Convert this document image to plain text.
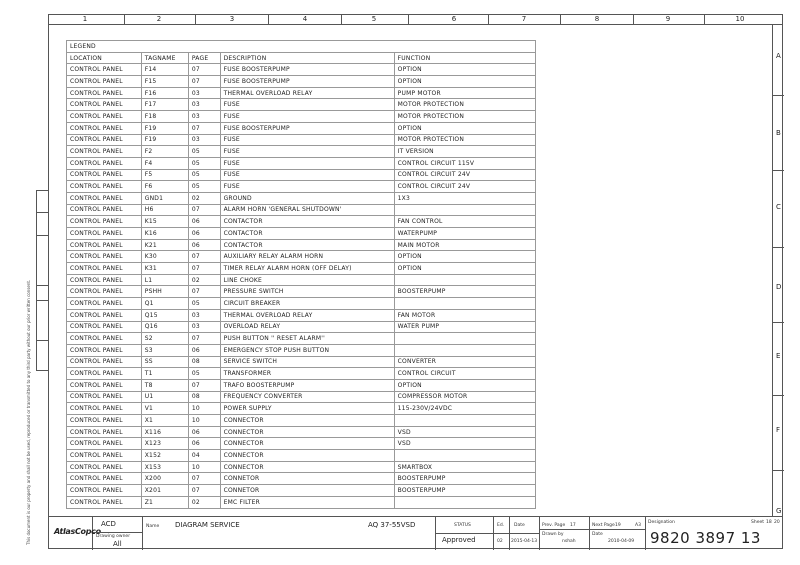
1	2	3	4	5	6	7	8	9	10
A
B
C
D
E
F
G
This document is our property and shall not be used, reproduced or transmitted to any third party without our prior written consent.
LEGEND				
LOCATION	TAGNAME	PAGE	DESCRIPTION	FUNCTION
CONTROL PANEL	F14	07	FUSE BOOSTERPUMP	OPTION
CONTROL PANEL	F15	07	FUSE BOOSTERPUMP	OPTION
CONTROL PANEL	F16	03	THERMAL OVERLOAD RELAY	PUMP MOTOR
CONTROL PANEL	F17	03	FUSE	MOTOR PROTECTION
CONTROL PANEL	F18	03	FUSE	MOTOR PROTECTION
CONTROL PANEL	F19	07	FUSE BOOSTERPUMP	OPTION
CONTROL PANEL	F19	03	FUSE	MOTOR PROTECTION
CONTROL PANEL	F2	05	FUSE	IT VERSION
CONTROL PANEL	F4	05	FUSE	CONTROL CIRCUIT 115V
CONTROL PANEL	F5	05	FUSE	CONTROL CIRCUIT 24V
CONTROL PANEL	F6	05	FUSE	CONTROL CIRCUIT 24V
CONTROL PANEL	GND1	02	GROUND	1X3
CONTROL PANEL	H6	07	ALARM HORN 'GENERAL SHUTDOWN'	
CONTROL PANEL	K15	06	CONTACTOR	FAN CONTROL
CONTROL PANEL	K16	06	CONTACTOR	WATERPUMP
CONTROL PANEL	K21	06	CONTACTOR	MAIN MOTOR
CONTROL PANEL	K30	07	AUXILIARY RELAY ALARM HORN	OPTION
CONTROL PANEL	K31	07	TIMER RELAY ALARM HORN (OFF DELAY)	OPTION
CONTROL PANEL	L1	02	LINE CHOKE	
CONTROL PANEL	PSHH	07	PRESSURE SWITCH	BOOSTERPUMP
CONTROL PANEL	Q1	05	CIRCUIT BREAKER	
CONTROL PANEL	Q15	03	THERMAL OVERLOAD RELAY	FAN MOTOR
CONTROL PANEL	Q16	03	OVERLOAD RELAY	WATER PUMP
CONTROL PANEL	S2	07	PUSH BUTTON '' RESET ALARM''	
CONTROL PANEL	S3	06	EMERGENCY STOP PUSH BUTTON	
CONTROL PANEL	SS	08	SERVICE SWITCH	CONVERTER
CONTROL PANEL	T1	05	TRANSFORMER	CONTROL CIRCUIT
CONTROL PANEL	T8	07	TRAFO BOOSTERPUMP	OPTION
CONTROL PANEL	U1	08	FREQUENCY CONVERTER	COMPRESSOR MOTOR
CONTROL PANEL	V1	10	POWER SUPPLY	115-230V/24VDC
CONTROL PANEL	X1	10	CONNECTOR	
CONTROL PANEL	X116	06	CONNECTOR	VSD
CONTROL PANEL	X123	06	CONNECTOR	VSD
CONTROL PANEL	X152	04	CONNECTOR	
CONTROL PANEL	X153	10	CONNECTOR	SMARTBOX
CONTROL PANEL	X200	07	CONNETOR	BOOSTERPUMP
CONTROL PANEL	X201	07	CONNETOR	BOOSTERPUMP
CONTROL PANEL	Z1	02	EMC FILTER	
AtlasCopco
ACD
Drawing owner
All
Name DIAGRAM SERVICE	AQ 37-55VSD	STATUS
Approved
Ed.
02
Date
2015-04-13
Prev. Page 17
Drawn by
nshah
Next Page 19	A3
Date
2010-04-09
Designation	Sheet 18 20
9820 3897 13
